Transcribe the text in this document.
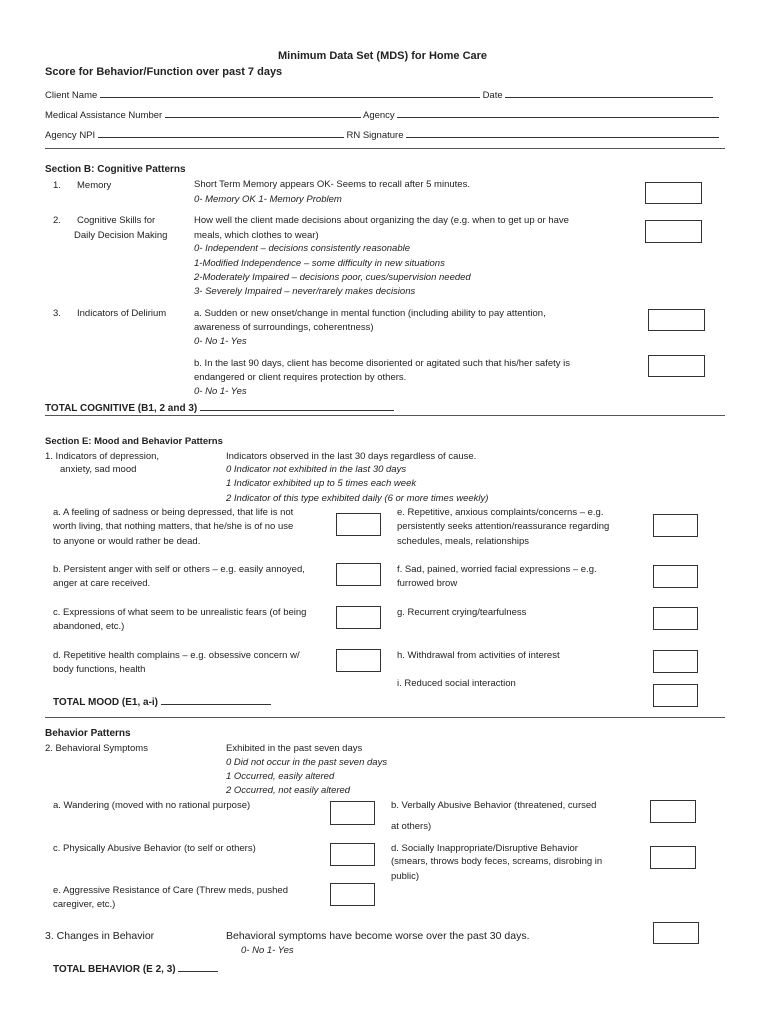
Minimum Data Set (MDS) for Home Care
Score for Behavior/Function over past 7 days
Client Name	Date
Medical Assistance Number	Agency
Agency NPI	RN Signature
Section B: Cognitive Patterns
1. Memory	Short Term Memory appears OK- Seems to recall after 5 minutes.
0- Memory OK 1- Memory Problem
2. Cognitive Skills for
Daily Decision Making
How well the client made decisions about organizing the day (e.g. when to get up or have
meals, which clothes to wear)
0- Independent – decisions consistently reasonable
1-Modified Independence – some difficulty in new situations
2-Moderately Impaired – decisions poor, cues/supervision needed
3- Severely Impaired – never/rarely makes decisions
3. Indicators of Delirium	a. Sudden or new onset/change in mental function (including ability to pay attention,
awareness of surroundings, coherentness)
0- No 1- Yes
b. In the last 90 days, client has become disoriented or agitated such that his/her safety is
endangered or client requires protection by others.
0- No 1- Yes
TOTAL COGNITIVE (B1, 2 and 3)
Section E: Mood and Behavior Patterns
1. Indicators of depression,
anxiety, sad mood
Indicators observed in the last 30 days regardless of cause.
0 Indicator not exhibited in the last 30 days
1 Indicator exhibited up to 5 times each week
2 Indicator of this type exhibited daily (6 or more times weekly)
a. A feeling of sadness or being depressed, that life is not
worth living, that nothing matters, that he/she is of no use
to anyone or would rather be dead.
e. Repetitive, anxious complaints/concerns – e.g.
persistently seeks attention/reassurance regarding
schedules, meals, relationships
b. Persistent anger with self or others – e.g. easily annoyed,
anger at care received.
f. Sad, pained, worried facial expressions – e.g.
furrowed brow
c. Expressions of what seem to be unrealistic fears (of being
abandoned, etc.)
g. Recurrent crying/tearfulness
d. Repetitive health complains – e.g. obsessive concern w/
body functions, health
h. Withdrawal from activities of interest
i. Reduced social interaction
TOTAL MOOD (E1, a-i)
Behavior Patterns
2. Behavioral Symptoms	Exhibited in the past seven days
0 Did not occur in the past seven days
1 Occurred, easily altered
2 Occurred, not easily altered
a. Wandering (moved with no rational purpose)	b. Verbally Abusive Behavior (threatened, cursed
at others)
c. Physically Abusive Behavior (to self or others)	d. Socially Inappropriate/Disruptive Behavior
(smears, throws body feces, screams, disrobing in
public)
e. Aggressive Resistance of Care (Threw meds, pushed
caregiver, etc.)
3. Changes in Behavior	Behavioral symptoms have become worse over the past 30 days.
0- No 1- Yes
TOTAL BEHAVIOR (E 2, 3)
